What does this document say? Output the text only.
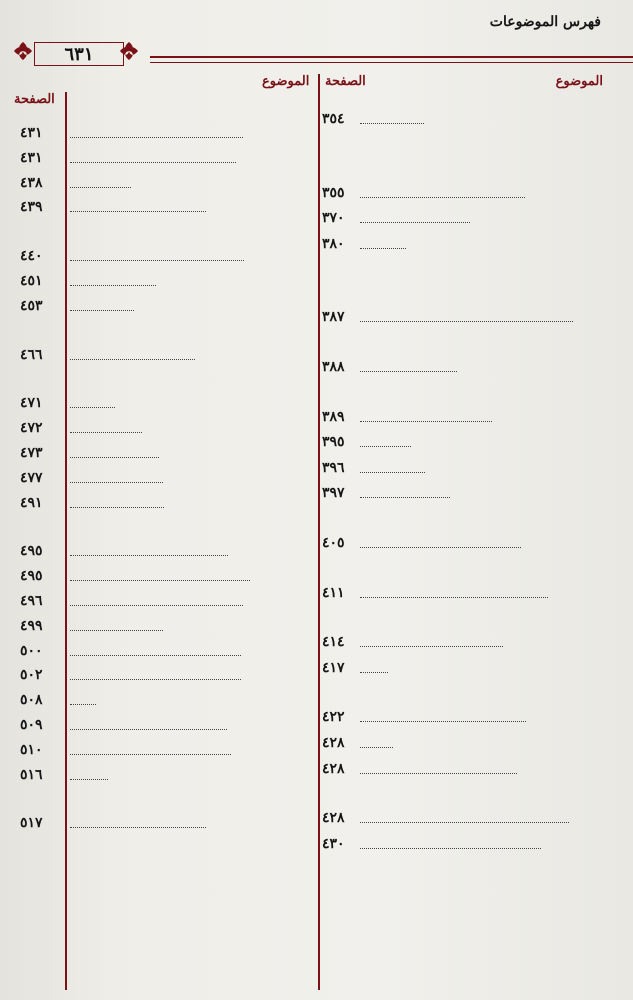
فهرس الموضوعات
٦٣١
الموضوع
الصفحة
الموضوع
الصفحة
٣٥٤
٣٥٥
٣٧٠
٣٨٠
٣٨٧
٣٨٨
٣٨٩
٣٩٥
٣٩٦
٣٩٧
٤٠٥
٤١١
٤١٤
٤١٧
٤٢٢
٤٢٨
٤٢٨
٤٢٨
٤٣٠
٤٣١
٤٣١
٤٣٨
٤٣٩
٤٤٠
٤٥١
٤٥٣
٤٦٦
٤٧١
٤٧٢
٤٧٣
٤٧٧
٤٩١
٤٩٥
٤٩٥
٤٩٦
٤٩٩
٥٠٠
٥٠٢
٥٠٨
٥٠٩
٥١٠
٥١٦
٥١٧
